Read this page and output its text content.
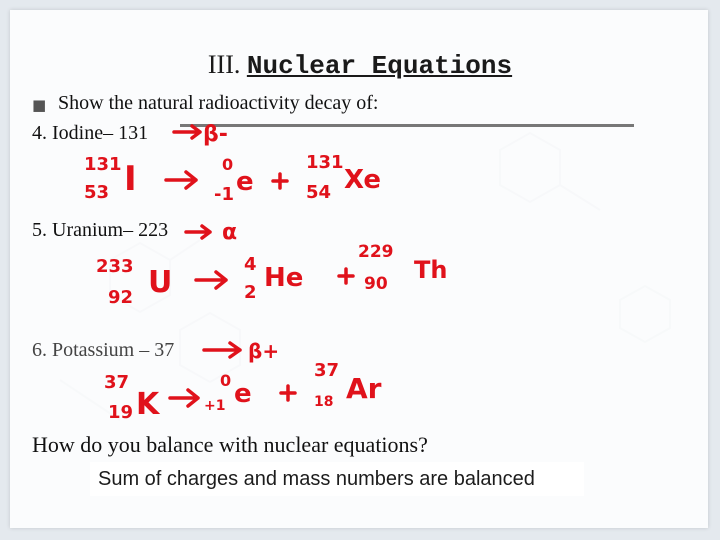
III. Nuclear Equations
■ Show the natural radioactivity decay of:
4. Iodine– 131
5. Uranium– 223
6. Potassium – 37
How do you balance with nuclear equations?
Sum of charges and mass numbers are balanced
β-
131
53 I	0
-1 e
131
54 Xe
α
233
92 U
4
2 He
229
90 Th
β+
37
19 K
0
+1 e
37
18 Ar
